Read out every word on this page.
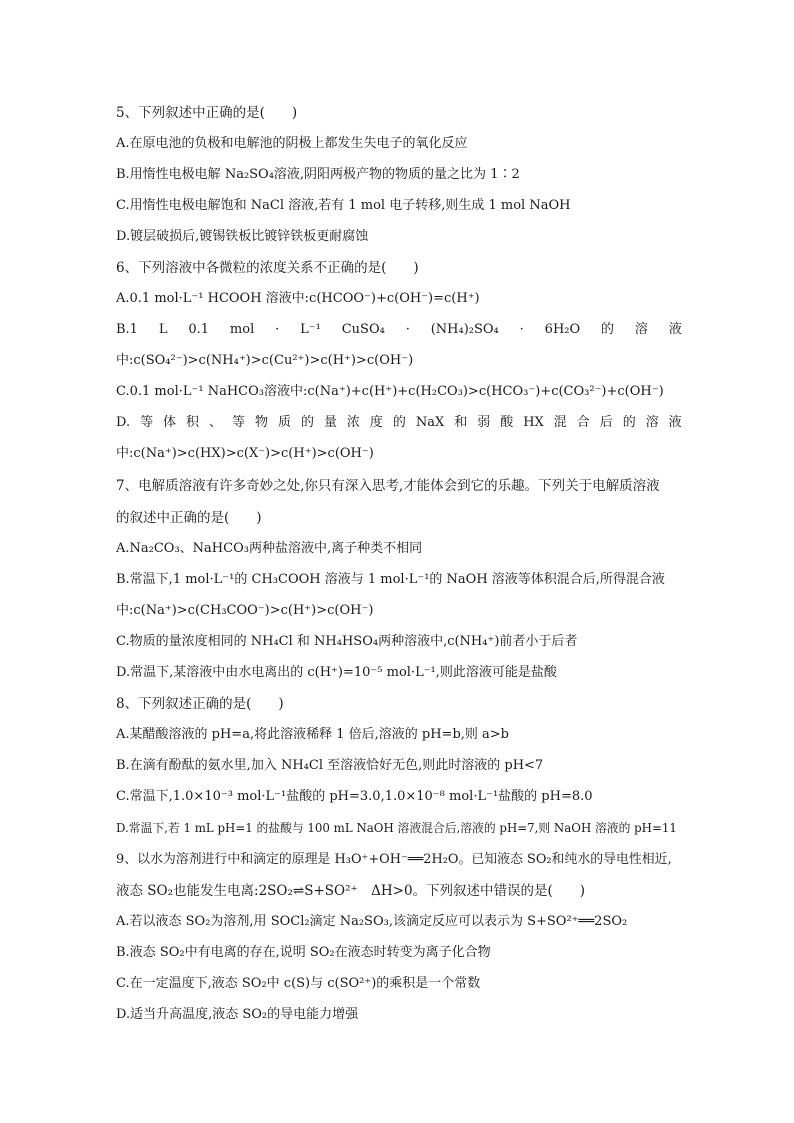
5、下列叙述中正确的是(　　)
A.在原电池的负极和电解池的阴极上都发生失电子的氧化反应
B.用惰性电极电解 Na₂SO₄溶液,阴阳两极产物的物质的量之比为 1∶2
C.用惰性电极电解饱和 NaCl 溶液,若有 1 mol 电子转移,则生成 1 mol NaOH
D.镀层破损后,镀锡铁板比镀锌铁板更耐腐蚀
6、下列溶液中各微粒的浓度关系不正确的是(　　)
A.0.1 mol·L⁻¹ HCOOH 溶液中:c(HCOO⁻)+c(OH⁻)=c(H⁺)
B.1 L 0.1 mol · L⁻¹ CuSO₄ · (NH₄)₂SO₄ · 6H₂O 的 溶 液
中:c(SO₄²⁻)>c(NH₄⁺)>c(Cu²⁺)>c(H⁺)>c(OH⁻)
C.0.1 mol·L⁻¹ NaHCO₃溶液中:c(Na⁺)+c(H⁺)+c(H₂CO₃)>c(HCO₃⁻)+c(CO₃²⁻)+c(OH⁻)
D. 等 体 积 、 等 物 质 的 量 浓 度 的 NaX 和 弱 酸 HX 混 合 后 的 溶 液
中:c(Na⁺)>c(HX)>c(X⁻)>c(H⁺)>c(OH⁻)
7、电解质溶液有许多奇妙之处,你只有深入思考,才能体会到它的乐趣。下列关于电解质溶液
的叙述中正确的是(　　)
A.Na₂CO₃、NaHCO₃两种盐溶液中,离子种类不相同
B.常温下,1 mol·L⁻¹的 CH₃COOH 溶液与 1 mol·L⁻¹的 NaOH 溶液等体积混合后,所得混合液
中:c(Na⁺)>c(CH₃COO⁻)>c(H⁺)>c(OH⁻)
C.物质的量浓度相同的 NH₄Cl 和 NH₄HSO₄两种溶液中,c(NH₄⁺)前者小于后者
D.常温下,某溶液中由水电离出的 c(H⁺)=10⁻⁵ mol·L⁻¹,则此溶液可能是盐酸
8、下列叙述正确的是(　　)
A.某醋酸溶液的 pH=a,将此溶液稀释 1 倍后,溶液的 pH=b,则 a>b
B.在滴有酚酞的氨水里,加入 NH₄Cl 至溶液恰好无色,则此时溶液的 pH<7
C.常温下,1.0×10⁻³ mol·L⁻¹盐酸的 pH=3.0,1.0×10⁻⁸ mol·L⁻¹盐酸的 pH=8.0
D.常温下,若 1 mL pH=1 的盐酸与 100 mL NaOH 溶液混合后,溶液的 pH=7,则 NaOH 溶液的 pH=11
9、以水为溶剂进行中和滴定的原理是 H₃O⁺+OH⁻══2H₂O。已知液态 SO₂和纯水的导电性相近,
液态 SO₂也能发生电离:2SO₂⇌S+SO²⁺　ΔH>0。下列叙述中错误的是(　　)
A.若以液态 SO₂为溶剂,用 SOCl₂滴定 Na₂SO₃,该滴定反应可以表示为 S+SO²⁺══2SO₂
B.液态 SO₂中有电离的存在,说明 SO₂在液态时转变为离子化合物
C.在一定温度下,液态 SO₂中 c(S)与 c(SO²⁺)的乘积是一个常数
D.适当升高温度,液态 SO₂的导电能力增强
